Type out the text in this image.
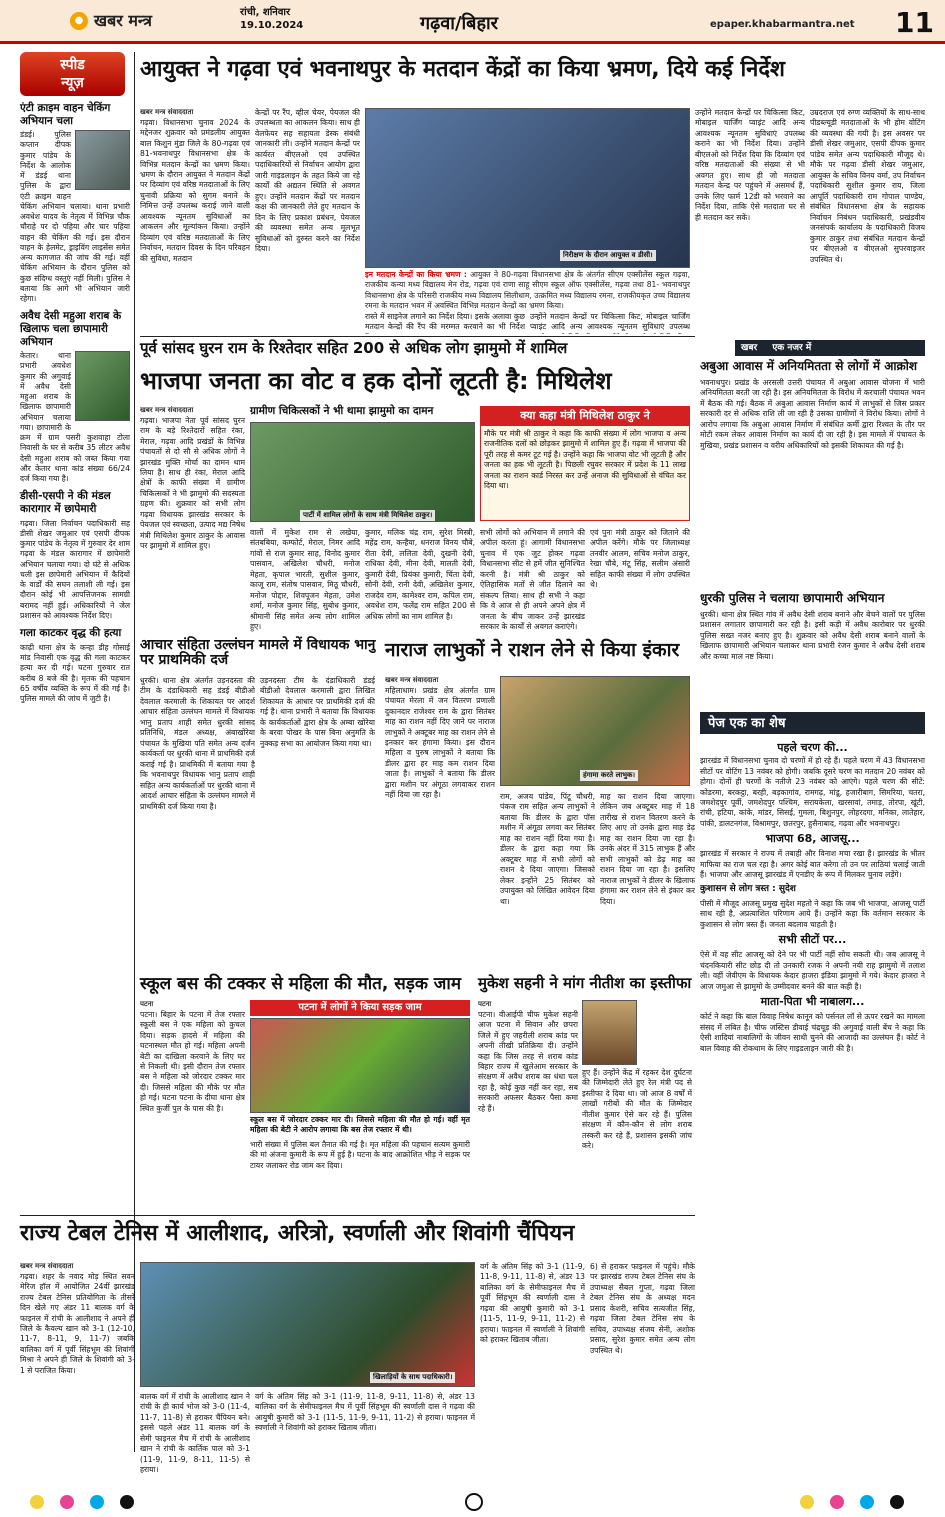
● खबर मन्त्र	रांची, शनिवार
19.10.2024	गढ़वा/बिहार	epaper.khabarmantra.net 11
स्पीड
न्यूज़
एंटी क्राइम वाहन चेकिंग अभियान चला

डंडई। पुलिस कप्तान दीपक कुमार पांडेय के निर्देश के आलोक में डंडई थाना पुलिस के द्वारा एंटी क्राइम वाहन चेकिंग अभियान चलाया। थाना प्रभारी अवधेश यादव के नेतृत्व में विभिन्न चौक चौराहे पर दो पहिया और चार पहिया वाहन की चेकिंग की गई। इस दौरान वाहन के हेलमेट, ड्राइविंग लाइसेंस समेत अन्य कागजात की जांच की गई। वहीं चेकिंग अभियान के दौरान पुलिस को कुछ संदिग्ध वस्तुएं नहीं मिली। पुलिस ने बताया कि आगे भी अभियान जारी रहेगा।

अवैध देसी महुआ शराब के खिलाफ चला छापामारी अभियान

केतार। थाना प्रभारी अवधेश कुमार की अगुवाई में अवैध देसी महुआ शराब के खिलाफ छापामारी अभियान चलाया गया। छापामारी के क्रम में ग्राम पसरी कुशवाहा टोला निवासी के घर से करीब 35 लीटर अवैध देसी महुआ शराब को जब्त किया गया और केतार थाना कांड संख्या 66/24 दर्ज किया गया है।

डीसी-एसपी ने की मंडल कारागार में छापेमारी

गढ़वा। जिला निर्वाचन पदाधिकारी सह डीसी शेखर जमुआर एवं एसपी दीपक कुमार पांडेय के नेतृत्व में गुरुवार देर शाम गढ़वा के मंडल कारागार में छापेमारी अभियान चलाया गया। दो घंटे से अधिक चली इस छापेमारी अभियान में कैदियों के वार्डों की सघन तलाशी ली गई। इस दौरान कोई भी आपत्तिजनक सामग्री बरामद नहीं हुई। अधिकारियों ने जेल प्रशासन को आवश्यक निर्देश दिए।

गला काटकर वृद्ध की हत्या

काढ़ी थाना क्षेत्र के कन्हा डीह गोसाई मांड निवासी एक वृद्ध की गला काटकर हत्या कर दी गई। घटना गुरुवार रात करीब 8 बजे की है। मृतक की पहचान 65 वर्षीय व्यक्ति के रूप में की गई है। पुलिस मामले की जांच में जुटी है।

आयुक्त ने गढ़वा एवं भवनाथपुर के मतदान केंद्रों का किया भ्रमण, दिये कई निर्देश
खबर मन्त्र संवाददाता
गढ़वा। विधानसभा चुनाव 2024 के मद्देनजर शुक्रवार को प्रमंडलीय आयुक्त बाल किशुन मुंडा जिले के 80-गढ़वा एवं 81-भवनाथपुर विधानसभा क्षेत्र के विभिन्न मतदान केन्द्रों का भ्रमण किया। भ्रमण के दौरान आयुक्त ने मतदान केंद्रों पर दिव्यांग एवं वरिष्ठ मतदाताओं के लिए चुनावी प्रक्रिया को सुगम बनाने के निमित्त उन्हें उपलब्ध कराई जाने वाली आवश्यक न्यूनतम सुविधाओं का आकलन और मूल्यांकन किया। उन्होंने दिव्यांग एवं वरिष्ठ मतदाताओं के लिए निर्वाचन, मतदान दिवस के दिन परिवहन की सुविधा, मतदान
केन्द्रों पर रैंप, व्हील चेयर, पेयजल की उपलब्धता का आकलन किया। साथ ही वेलफेयर सह सहायता डेस्क संबंधी जानकारी ली। उन्होंने मतदान केन्द्रों पर कार्यरत बीएलओ एवं उपस्थित पदाधिकारियों से निर्वाचन आयोग द्वारा जारी गाइडलाइन के तहत किये जा रहे कार्यों की अद्यतन स्थिति से अवगत हुए। उन्होंने मतदान केंद्रों पर मतदान कक्ष की जानकारी लेते हुए मतदान के दिन के लिए प्रकाश प्रबंधन, पेयजल की व्यवस्था समेत अन्य मूलभूत सुविधाओं को दुरुस्त करने का निर्देश दिया।
निरीक्षण के दौरान आयुक्त व डीसी।
इन मतदान केन्द्रों का किया भ्रमण : आयुक्त ने 80-गढ़वा विधानसभा क्षेत्र के अंतर्गत सीएम एक्सीलेंस स्कूल गढ़वा, राजकीय कन्या मध्य विद्यालय मेन रोड, गढ़वा एवं राणा साहू सीएम स्कूल ऑफ एक्सीलेंस, गढ़वा तथा 81- भवनाथपुर विधानसभा क्षेत्र के परिसरी राजकीय मध्य विद्यालय सिलीधाम, उत्क्रमित मध्य विद्यालय रमना, राजकीयकृत उच्च विद्यालय रमना के मतदान भवन में अवस्थित विभिन्न मतदान केन्द्रों का भ्रमण किया।
रास्ते में साइनेज लगाने का निर्देश दिया। इसके अलावा कुछ मतदान केन्द्रों की रैंप की मरम्मत करवाने का भी निर्देश
उन्होंने मतदान केन्द्रों पर चिकित्सा किट, मोबाइल चार्जिंग प्वाइंट आदि अन्य आवश्यक न्यूनतम सुविधाएं उपलब्ध
उन्होंने मतदान केन्द्रों पर चिकित्सा किट, मोबाइल चार्जिंग प्वाइंट आदि अन्य आवश्यक न्यूनतम सुविधाएं उपलब्ध कराने का भी निर्देश दिया। उन्होंने बीएलओ को निर्देश दिया कि दिव्यांग एवं वरिष्ठ मतदाताओं की संख्या से भी अवगत हुए। साथ ही जो मतदाता मतदान केन्द्र पर पहुंचने में असमर्थ हैं, उनके लिए फार्म 12डी को भरवाने का निर्देश दिया, ताकि ऐसे मतदाता घर से ही मतदान कर सकें।
उम्रदराज एवं रुग्ण व्यक्तियों के साथ-साथ पीडब्ल्यूडी मतदाताओं के भी होम वोटिंग की व्यवस्था की गयी है। इस अवसर पर डीसी शेखर जमुआर, एसपी दीपक कुमार पांडेय समेत अन्य पदाधिकारी मौजूद थे। मौके पर गढ़वा डीसी शेखर जमुआर, आयुक्त के सचिव विनय वर्मा, उप निर्वाचन पदाधिकारी सुशील कुमार राय, जिला आपूर्ति पदाधिकारी राम गोपाल पाण्डेय, संबंधित विधानसभा क्षेत्र के सहायक निर्वाचन निबंधन पदाधिकारी, प्रखंडवीय जनसंपर्क कार्यालय के पदाधिकारी विजय कुमार ठाकुर तथा संबंधित मतदान केन्द्रों पर बीएलओ व बीएलओ सुपरवाइजर उपस्थित थे।
पूर्व सांसद घुरन राम के रिश्तेदार सहित 200 से अधिक लोग झामुमो में शामिल
भाजपा जनता का वोट व हक दोनों लूटती है: मिथिलेश
खबर मन्त्र संवाददाता
गढ़वा। भाजपा नेता पूर्व सांसद घुरन राम के बड़े रिश्तेदारों सहित रंका, मेराल, गढ़वा आदि प्रखंडों के विभिन्न पंचायतों से दो सौ से अधिक लोगों ने झारखंड मुक्ति मोर्चा का दामन थाम लिया है। साथ ही रंका, मेराल आदि क्षेत्रों के काफी संख्या में ग्रामीण चिकित्सकों ने भी झामुमो की सदस्यता ग्रहण की। शुक्रवार को सभी लोग गढ़वा विधायक झारखंड सरकार के पेयजल एवं स्वच्छता, उत्पाद मद्य निषेध मंत्री मिथिलेश कुमार ठाकुर के आवास पर झामुमो में शामिल हुए।
ग्रामीण चिकित्सकों ने भी थामा झामुमो का दामन
पार्टी में शामिल लोगों के साथ मंत्री मिथिलेश ठाकुर।
वालों में मुकेश राम से लखेया, संतबबिया, कम्फोर्ट, मेराल, निमर आदि गांवों से राज कुमार साह, विनोद कुमार पासवान, अखिलेश चौधरी, मनोज मेहता, कृपाल भारती, सुशील कुमार, काजू राम, संतोष पासवान, मिठू चौधरी, मनोज पोद्दार, शिवपूजन मेहता, उमेश शर्मा, मनोज कुमार सिंह, सुबोध कुमार, श्रीमानी सिंह समेत अन्य लोग शामिल हुए।
कुमार, मलिक चंद्र राम, सुरेश मिस्त्री, महेंद्र राम, कन्हैया, धनराज विनय चौबे, रीता देवी, ललिता देवी, दुखनी देवी, राधिका देवी, मीना देवी, मालती देवी, कुमारी देवी, प्रियंका कुमारी, चिंता देवी, सोनी देवी, रानी देवी, अखिलेश कुमार, राजदेव राम, कामेश्वर राम, कपिल राम, अवधेश राम, फलेंद्र राम सहित 200 से अधिक लोगों का नाम शामिल है।
क्या कहा मंत्री मिथिलेश ठाकुर ने
मौके पर मंत्री श्री ठाकुर ने कहा कि काफी संख्या में लोग भाजपा व अन्य राजनीतिक दलों को छोड़कर झामुमो में शामिल हुए हैं। गढ़वा में भाजपा की पूरी तरह से कमर टूट गई है। उन्होंने कहा कि भाजपा वोट भी लूटती है और जनता का हक भी लूटती है। पिछली रघुवर सरकार में प्रदेश के 11 लाख जनता का राशन कार्ड निरस्त कर उन्हें अनाज की सुविधाओं से वंचित कर दिया था।
सभी लोगों को अभियान में लगाने की अपील करता हूं। आगामी विधानसभा चुनाव में एक जुट होकर गढ़वा विधानसभा सीट से हमें जीत सुनिश्चित करनी है। मंत्री श्री ठाकुर को ऐतिहासिक मतों से जीत दिलाने का संकल्प लिया। साथ ही सभी ने कहा कि वे आज से ही अपने अपने क्षेत्र में जनता के बीच जाकर उन्हें झारखंड सरकार के कार्यों से अवगत कराएंगे।
एवं पुनः मंत्री ठाकुर को जिताने की अपील करेंगे। मौके पर जिलाध्यक्ष तनवीर आलम, सचिव मनोज ठाकुर, रेखा चौबे, मंटू सिंह, सलीम अंसारी सहित काफी संख्या में लोग उपस्थित थे।
खबर एक नजर में
अबुआ आवास में अनियमितता से लोगों में आक्रोश
भवनाथपुर। प्रखंड के अरसली उत्तरी पंचायत में अबुआ आवास योजना में भारी अनियमितता बरती जा रही है। इस अनियमितता के विरोध में करचाली पंचायत भवन में बैठक की गई। बैठक में अबुआ आवास निर्माण कार्य में लाभुकों से जिस प्रकार सरकारी दर से अधिक राशि ली जा रही है उसका ग्रामीणों ने विरोध किया। लोगों ने आरोप लगाया कि अबुआ आवास निर्माण में संबंधित कर्मी द्वारा रिश्वत के तौर पर मोटी रकम लेकर आवास निर्माण का कार्य दी जा रही है। इस मामले में पंचायत के मुखिया, प्रखंड प्रशासन व वरीय अधिकारियों को इसकी शिकायत की गई है।
धुरकी पुलिस ने चलाया छापामारी अभियान
धुरकी। थाना क्षेत्र स्थित गांव में अवैध देसी शराब बनाने और बेचने वालों पर पुलिस प्रशासन लगातार छापामारी कर रही है। इसी कड़ी में अवैध कारोबार पर धुरकी पुलिस सख्त नजर बनाए हुए है। शुक्रवार को अवैध देसी शराब बनाने वालों के खिलाफ छापामारी अभियान चलाकर थाना प्रभारी रंजन कुमार ने अवैध देसी शराब और कच्चा माल नष्ट किया।
आचार संहिता उल्लंघन मामले में विधायक भानु पर प्राथमिकी दर्ज
धुरकी। थाना क्षेत्र अंतर्गत उड़नदस्ता की टीम के दंडाधिकारी सह डंडई बीडीओ देवलाल करमाली के शिकायत पर आदर्श आचार संहिता उल्लंघन मामले में विधायक भानु प्रताप शाही समेत धुरकी सांसद प्रतिनिधि, मंडल अध्यक्ष, अंबाखोरेया पंचायत के मुखिया पति समेत अन्य दर्जन कार्यकर्ता पर धुरकी थाना में प्राथमिकी दर्ज कराई गई है। प्राथमिकी में बताया गया है कि भवनाथपुर विधायक भानु प्रताप शाही सहित अन्य कार्यकर्ताओं पर धुरकी थाना में आदर्श आचार संहिता के उल्लंघन मामले में प्राथमिकी दर्ज किया गया है।
उड़नदस्ता टीम के दंडाधिकारी डंडई बीडीओ देवलाल करमाली द्वारा लिखित शिकायत के आधार पर प्राथमिकी दर्ज की गई है। थाना प्रभारी ने बताया कि विधायक के कार्यकर्ताओं द्वारा क्षेत्र के अम्बा खोरेया के बरवा पोखर के पास बिना अनुमति के नुक्कड़ सभा का आयोजन किया गया था।
नाराज लाभुकों ने राशन लेने से किया इंकार
खबर मन्त्र संवाददाता
महिलाधाम। प्रखंड क्षेत्र अंतर्गत ग्राम पंचायत मेरला में जन वितरण प्रणाली दुकानदार राजेश्वर राम के द्वारा सितंबर माह का राशन नहीं दिए जाने पर नाराज लाभुकों ने अक्टूबर माह का राशन लेने से इनकार कर हंगामा किया। इस दौरान महिला व पुरुष लाभुकों ने बताया कि डीलर द्वारा हर माह कम राशन दिया जाता है। लाभुकों ने बताया कि डीलर द्वारा मशीन पर अंगूठा लगवाकर राशन नहीं दिया जा रहा है।
हंगामा करते लाभुक।
राम, अजय पांडेय, पिंटू चौधरी, पंकज राम सहित अन्य लाभुकों ने बताया कि डीलर के द्वारा पॉस मशीन में अंगूठा लगवा कर सितंबर माह का राशन नहीं दिया गया है। डीलर के द्वारा कहा गया कि अक्टूबर माह में सभी लोगों को राशन दे दिया जाएगा। जिसको लेकर इन्होंने 25 सितंबर को उपायुक्त को लिखित आवेदन दिया था।
माह का राशन दिया जाएगा। लेकिन जब अक्टूबर माह में 18 तारीख से राशन वितरण करने के लिए आए तो उनके द्वारा माह डेढ़ माह का राशन दिया जा रहा है। उनके अंदर में 315 लाभुक हैं और सभी लाभुकों को डेढ़ माह का राशन दिया जा रहा है। इसलिए नाराज लाभुकों ने डीलर के खिलाफ हंगामा कर राशन लेने से इंकार कर दिया।
पेज एक का शेष
पहले चरण की...
झारखंड में विधानसभा चुनाव दो चरणों में हो रहे हैं। पहले चरण में 43 विधानसभा सीटों पर वोटिंग 13 नवंबर को होगी। जबकि दूसरे चरण का मतदान 20 नवंबर को होगा। दोनों ही चरणों के नतीजे 23 नवंबर को आएंगे। पहले चरण की सीटें: कोडरमा, बरकट्ठा, बरही, बड़कागांव, रामगढ़, मांडू, हजारीबाग, सिमरिया, चतरा, जमशेदपुर पूर्वी, जमशेदपुर पश्चिम, सरायकेला, खरसावां, तमाड़, तोरपा, खूंटी, रांची, हटिया, कांके, मांडर, सिसई, गुमला, बिशुनपुर, लोहरदगा, मनिका, लातेहार, पांकी, डालटनगंज, विश्रामपुर, छतरपुर, हुसैनाबाद, गढ़वा और भवनाथपुर।
भाजपा 68, आजसू...
झारखंड में सरकार ने राज्य में तबाही और विनाश मचा रखा है। झारखंड के भीतर माफिया का राज चल रहा है। अगर कोई बात करेगा तो उन पर लाठियां चलाई जाती हैं। भाजपा और आजसू झारखंड में एनडीए के रूप में मिलकर चुनाव लड़ेंगे।
कुशासन से लोग त्रस्त : सुदेश
पीसी में मौजूद आजसू प्रमुख सुदेश महतो ने कहा कि जब भी भाजपा, आजसू पार्टी साथ रही है, अप्रत्याशित परिणाम आये हैं। उन्होंने कहा कि वर्तमान सरकार के कुशासन से लोग त्रस्त हैं। जनता बदलाव चाहती है।
सभी सीटों पर...
ऐसे में वह सीट आजसू को देने पर भी पार्टी नहीं सोच सकती थी। जब आजसू ने चंदनकियारी सीट छोड़ दी तो उनकारी रजक ने अपनी नयी राह झामुमो में तलाश ली। वहीं जेवीएम के विधायक केदार हाजरा इंडिया झामुमो में गये। केदार हाजरा ने आज जमुआ से झामुमो के उम्मीदवार बनने की बात कही है।
माता-पिता भी नाबालग...
कोर्ट ने कहा कि बाल विवाह निषेध कानून को पर्सनल लॉ से ऊपर रखने का मामला संसद में लंबित है। चीफ जस्टिस डीवाई चंद्रचूड़ की अगुवाई वाली बेंच ने कहा कि ऐसी शादियां नाबालिगों के जीवन साथी चुनने की आजादी का उल्लंघन हैं। कोर्ट ने बाल विवाह की रोकथाम के लिए गाइडलाइन जारी की है।
स्कूल बस की टक्कर से महिला की मौत, सड़क जाम
पटना
पटना। बिहार के पटना में तेज रफ्तार स्कूली बस ने एक महिला को कुचल दिया। सड़क हादसे में महिला की घटनास्थल मौत हो गई। महिला अपनी बेटी का दाखिला करवाने के लिए घर से निकली थी। इसी दौरान तेज रफ्तार बस ने महिला को जोरदार टक्कर मार दी। जिससे महिला की मौके पर मौत हो गई। घटना पटना के दीघा थाना क्षेत्र स्थित कुर्जी पुल के पास की है।
पटना में लोगों ने किया सड़क जाम
स्कूल बस में जोरदार टक्कर मार दी। जिससे महिला की मौत हो गई। वहीं मृत महिला की बेटी ने आरोप लगाया कि बस तेज रफ्तार में थी।
भारी संख्या में पुलिस बल तैनात की गई है। मृत महिला की पहचान सत्यम कुमारी की मां अंजना कुमारी के रूप में हुई है। घटना के बाद आक्रोशित भीड़ ने सड़क पर टायर जलाकर रोड जाम कर दिया।
मुकेश सहनी ने मांग नीतीश का इस्तीफा
पटना
पटना। वीआईपी चीफ मुकेश सहनी आज पटना में सिवान और छपरा जिले में हुए जहरीली शराब कांड पर अपनी तीखी प्रतिक्रिया दी। उन्होंने कहा कि जिस तरह से शराब कांड बिहार राज्य में खुलेआम सरकार के संरक्षण में अवैध शराब का धंधा चल रहा है, कोई कुछ नहीं कर रहा, सब सरकारी अफसर बैठकर पैसा कमा रहे हैं।
हुए हैं। उन्होंने केंद्र में रहकर देश दुर्घटना की जिम्मेदारी लेते हुए रेल मंत्री पद से इस्तीफा दे दिया था। जो आज 8 वर्षों में लाखों गरीबों की मौत के जिम्मेदार नीतीश कुमार ऐसे कर रहे हैं। पुलिस संरक्षण में कौन-कौन से लोग शराब तस्करी कर रहे हैं, प्रशासन इसकी जांच करे।
राज्य टेबल टेनिस में आलीशाद, अरित्रो, स्वर्णाली और शिवांगी चैंपियन
खबर मन्त्र संवाददाता
गढ़वा। शहर के नवाद मोड़ स्थित सवन मेरिज हॉल में आयोजित 24वीं झारखंड राज्य टेबल टेनिस प्रतियोगिता के तीसरे दिन खेले गए अंडर 11 बालक वर्ग के फाइनल में रांची के आलीशाद ने अपने ही जिले के कैवल्य खान को 3-1 (12-10, 11-7, 8-11, 9, 11-7) जबकि बालिका वर्ग में पूर्वी सिंहभूम की शिवांगी मिश्रा ने अपने ही जिले के शिवांगी को 3-1 से पराजित किया।
खिलाड़ियों के साथ पदाधिकारी।
बालक वर्ग में रांची के आलीशाद खान ने रांची के ही कार्य भोज को 3-0 (11-4, 11-7, 11-8) से हराकर चैंपियन बने। इससे पहले अंडर 11 बालक वर्ग के सेमी फाइनल मैच में रांची के आलीशाद खान ने रांची के कार्तिक पाल को 3-1 (11-9, 11-9, 8-11, 11-5) से हराया।
वर्ग के अंतिम सिंह को 3-1 (11-9, 11-8, 9-11, 11-8) से, अंडर 13 बालिका वर्ग के सेमीफाइनल मैच में पूर्वी सिंहभूम की स्वर्णाली दास ने गढ़वा की आयुषी कुमारी को 3-1 (11-5, 11-9, 9-11, 11-2) से हराया। फाइनल में स्वर्णाली ने शिवांगी को हराकर खिताब जीता।
वर्ग के अंतिम सिंह को 3-1 (11-9, 11-8, 9-11, 11-8) से, अंडर 13 बालिका वर्ग के सेमीफाइनल मैच में पूर्वी सिंहभूम की स्वर्णाली दास ने गढ़वा की आयुषी कुमारी को 3-1 (11-5, 11-9, 9-11, 11-2) से हराया। फाइनल में स्वर्णाली ने शिवांगी को हराकर खिताब जीता।
6) से हराकर फाइनल में पहुंचे। मौके पर झारखंड राज्य टेबल टेनिस संघ के उपाध्यक्ष सैबल गुप्ता, गढ़वा जिला टेबल टेनिस संघ के अध्यक्ष मदन प्रसाद केशरी, सचिव सत्यजीत सिंह, गढ़वा जिला टेबल टेनिस संघ के सचिव, उपाध्यक्ष संजय सेनी, अशोक प्रसाद, सुरेश कुमार समेत अन्य लोग उपस्थित थे।
